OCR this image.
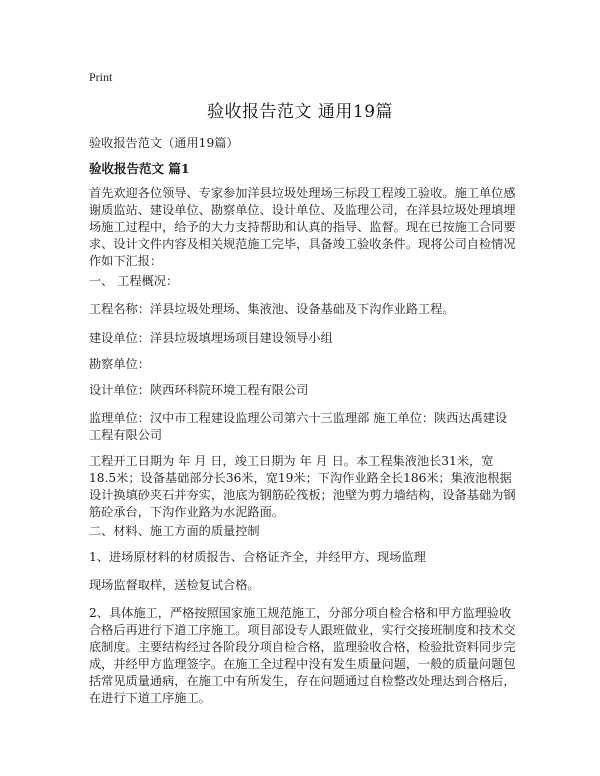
Print
验收报告范文 通用19篇

验收报告范文（通用19篇）

验收报告范文 篇1

首先欢迎各位领导、专家参加洋县垃圾处理场三标段工程竣工验收。施工单位感谢质监站、建设单位、勘察单位、设计单位、及监理公司，在洋县垃圾处理填埋场施工过程中，给予的大力支持帮助和认真的指导、监督。现在已按施工合同要求、设计文件内容及相关规范施工完毕，具备竣工验收条件。现将公司自检情况作如下汇报：

一、 工程概况：

工程名称：洋县垃圾处理场、集液池、设备基础及下沟作业路工程。

建设单位：洋县垃圾填埋场项目建设领导小组

勘察单位：

设计单位：陕西环科院环境工程有限公司

监理单位：汉中市工程建设监理公司第六十三监理部 施工单位：陕西达禹建设工程有限公司

工程开工日期为 年 月 日，竣工日期为 年 月 日。本工程集液池长31米，宽18.5米；设备基础部分长36米，宽19米；下沟作业路全长186米；集液池根据设计换填砂夹石并夯实，池底为钢筋砼筏板；池壁为剪力墙结构，设备基础为钢筋砼承台，下沟作业路为水泥路面。

二、材料、施工方面的质量控制

1、进场原材料的材质报告、合格证齐全，并经甲方、现场监理

现场监督取样，送检复试合格。

2、具体施工，严格按照国家施工规范施工，分部分项自检合格和甲方监理验收合格后再进行下道工序施工。项目部设专人跟班做业，实行交接班制度和技术交底制度。主要结构经过各阶段分项自检合格，监理验收合格，检验批资料同步完成，并经甲方监理签字。在施工全过程中没有发生质量问题，一般的质量问题包括常见质量通病，在施工中有所发生，存在问题通过自检整改处理达到合格后，在进行下道工序施工。
